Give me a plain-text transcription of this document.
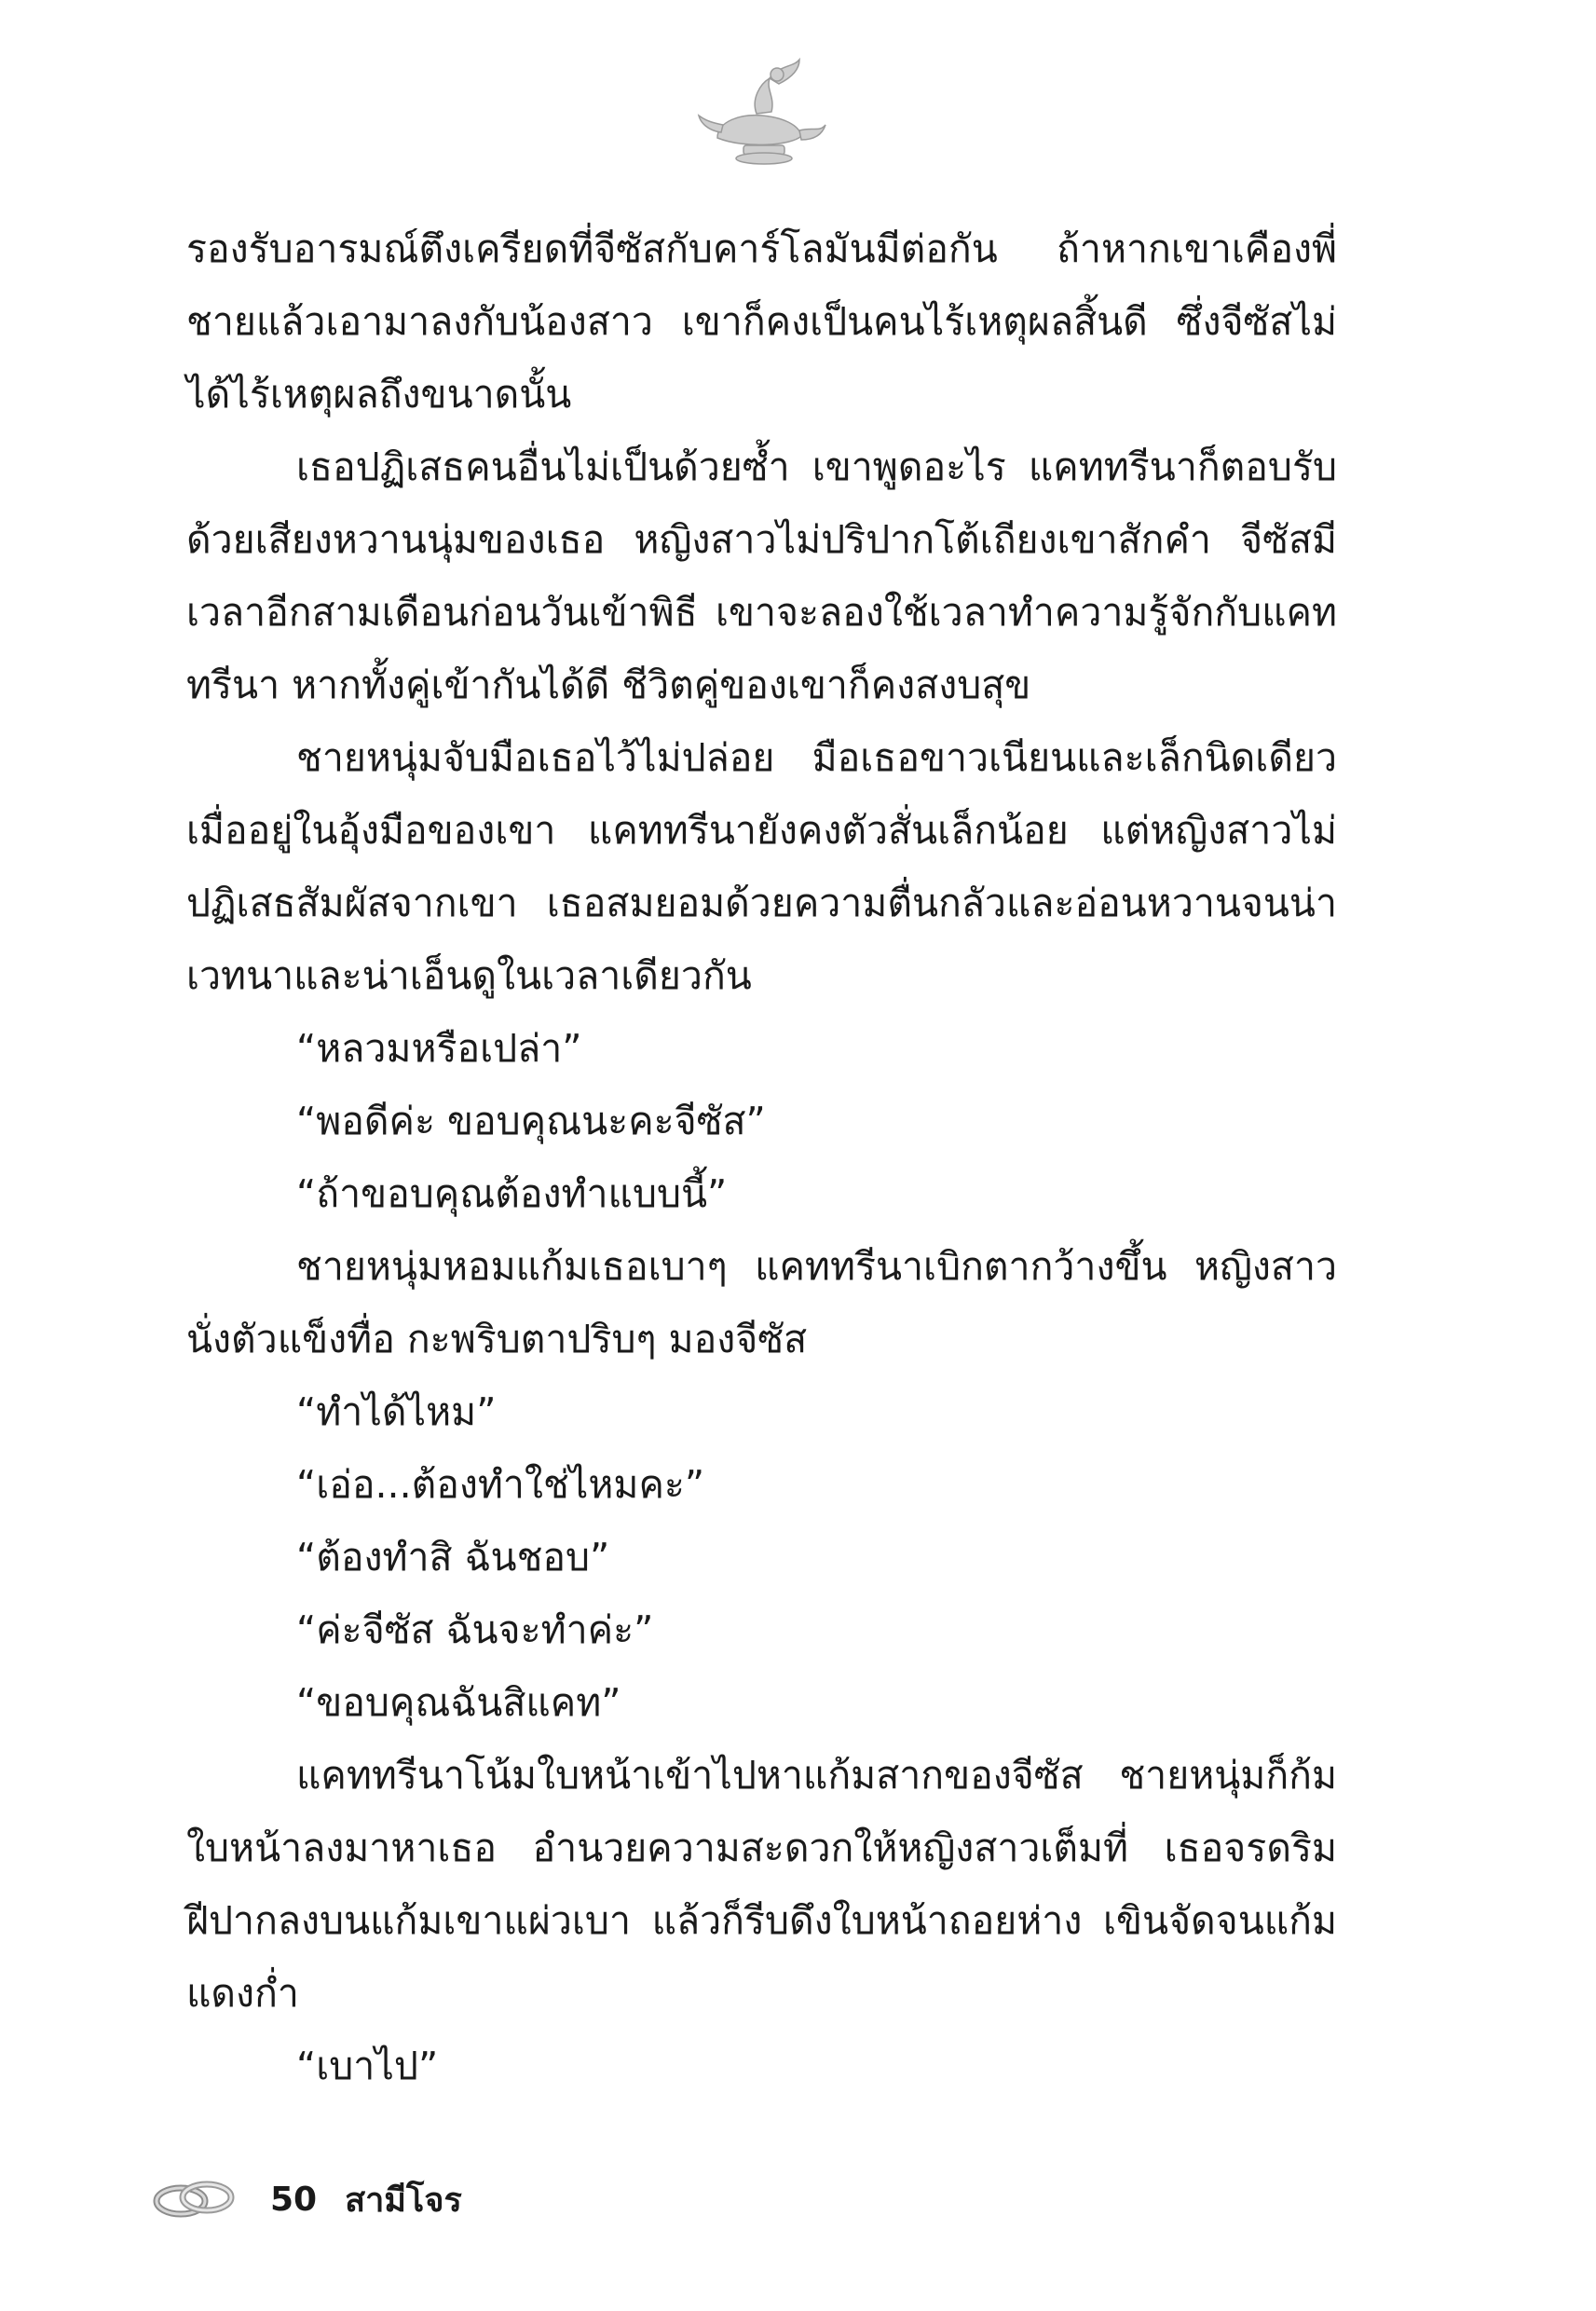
รองรับอารมณ์ตึงเครียดที่จีซัสกับคาร์โลมันมีต่อกัน ถ้าหากเขาเคืองพี่ชายแล้วเอามาลงกับน้องสาว เขาก็คงเป็นคนไร้เหตุผลสิ้นดี ซึ่งจีซัสไม่ได้ไร้เหตุผลถึงขนาดนั้น

เธอปฏิเสธคนอื่นไม่เป็นด้วยซ้ำ เขาพูดอะไร แคททรีนาก็ตอบรับด้วยเสียงหวานนุ่มของเธอ หญิงสาวไม่ปริปากโต้เถียงเขาสักคำ จีซัสมีเวลาอีกสามเดือนก่อนวันเข้าพิธี เขาจะลองใช้เวลาทำความรู้จักกับแคททรีนา หากทั้งคู่เข้ากันได้ดี ชีวิตคู่ของเขาก็คงสงบสุข

ชายหนุ่มจับมือเธอไว้ไม่ปล่อย มือเธอขาวเนียนและเล็กนิดเดียวเมื่ออยู่ในอุ้งมือของเขา แคททรีนายังคงตัวสั่นเล็กน้อย แต่หญิงสาวไม่ปฏิเสธสัมผัสจากเขา เธอสมยอมด้วยความตื่นกลัวและอ่อนหวานจนน่าเวทนาและน่าเอ็นดูในเวลาเดียวกัน

“หลวมหรือเปล่า”

“พอดีค่ะ ขอบคุณนะคะจีซัส”

“ถ้าขอบคุณต้องทำแบบนี้”

ชายหนุ่มหอมแก้มเธอเบาๆ แคททรีนาเบิกตากว้างขึ้น หญิงสาวนั่งตัวแข็งทื่อ กะพริบตาปริบๆ มองจีซัส

“ทำได้ไหม”

“เอ่อ...ต้องทำใช่ไหมคะ”

“ต้องทำสิ ฉันชอบ”

“ค่ะจีซัส ฉันจะทำค่ะ”

“ขอบคุณฉันสิแคท”

แคททรีนาโน้มใบหน้าเข้าไปหาแก้มสากของจีซัส ชายหนุ่มก็ก้มใบหน้าลงมาหาเธอ อำนวยความสะดวกให้หญิงสาวเต็มที่ เธอจรดริมฝีปากลงบนแก้มเขาแผ่วเบา แล้วก็รีบดึงใบหน้าถอยห่าง เขินจัดจนแก้มแดงก่ำ

“เบาไป”

50 สามีโจร
